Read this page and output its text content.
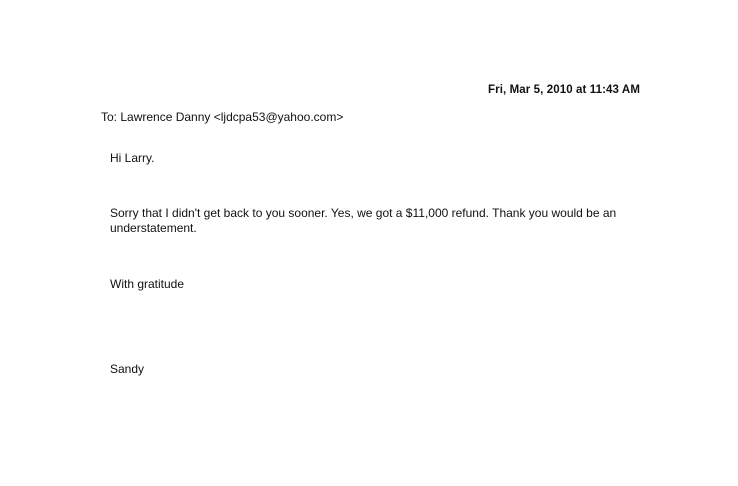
Fri, Mar 5, 2010 at 11:43 AM
To: Lawrence Danny <ljdcpa53@yahoo.com>
Hi Larry.
Sorry that I didn't get back to you sooner. Yes, we got a $11,000 refund. Thank you would be an
understatement.
With gratitude
Sandy
